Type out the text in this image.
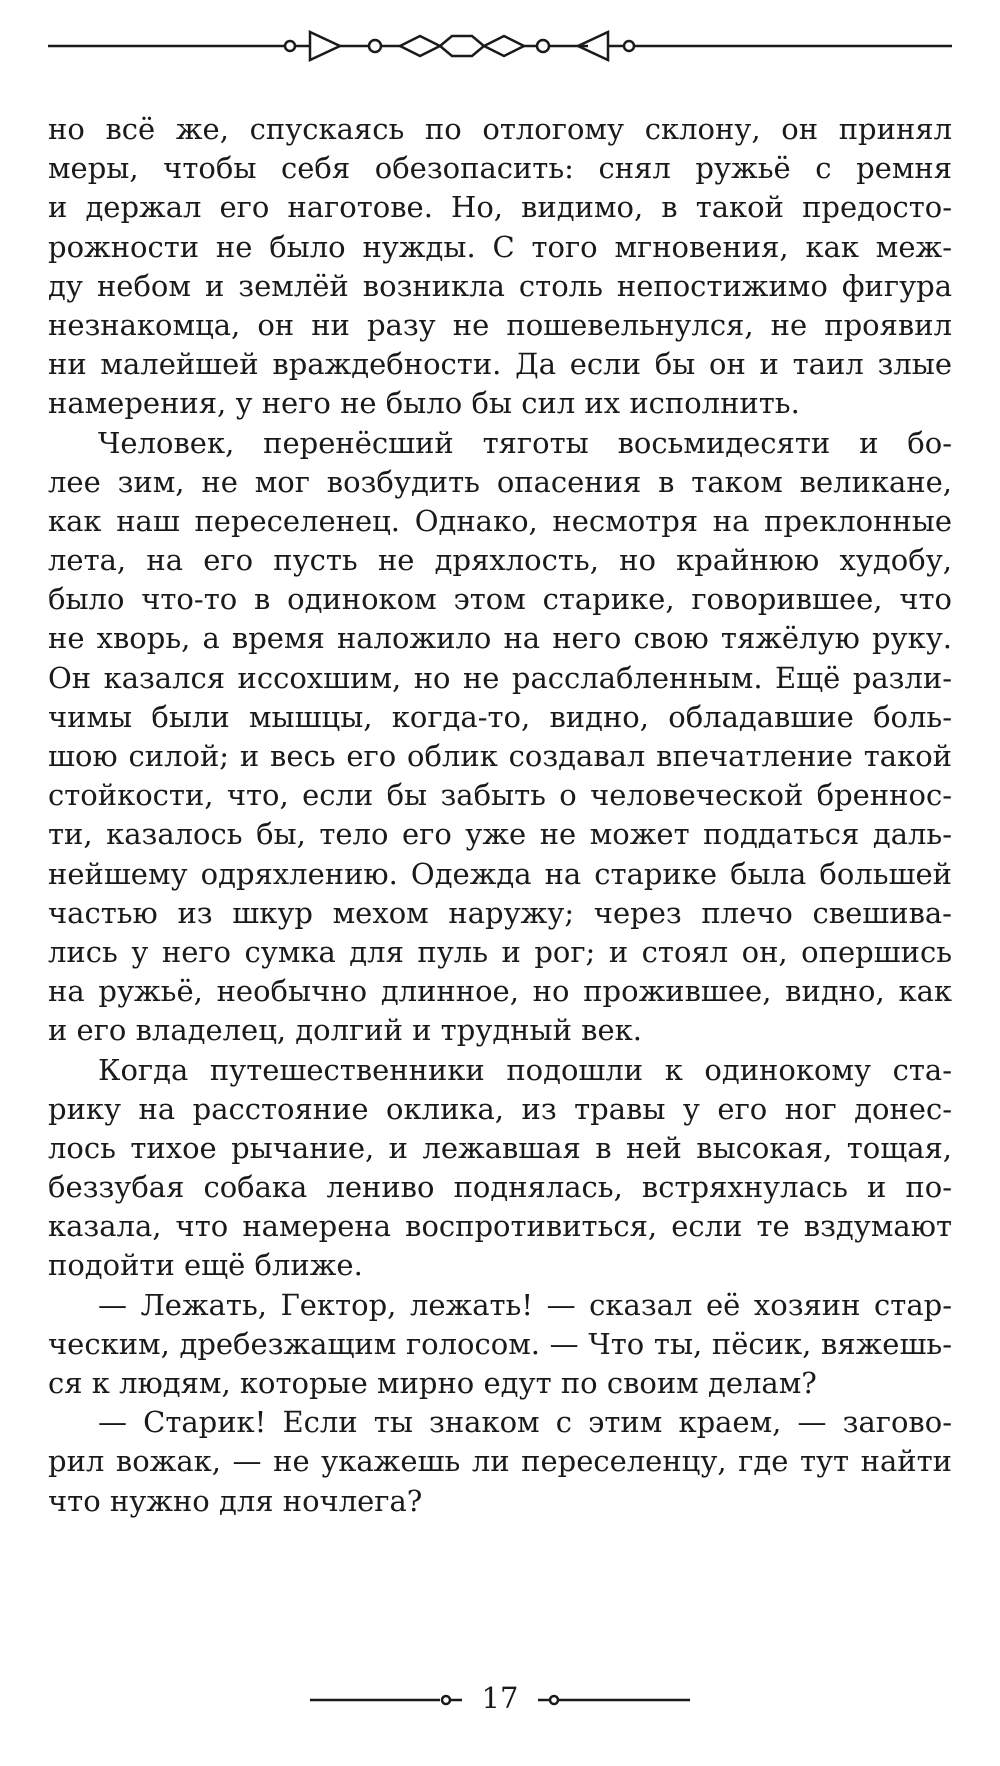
но всё же, спускаясь по отлогому склону, он принял
меры, чтобы себя обезопасить: снял ружьё с ремня
и держал его наготове. Но, видимо, в такой предосто-
рожности не было нужды. С того мгновения, как меж-
ду небом и землёй возникла столь непостижимо фигура
незнакомца, он ни разу не пошевельнулся, не проявил
ни малейшей враждебности. Да если бы он и таил злые
намерения, у него не было бы сил их исполнить.
Человек, перенёсший тяготы восьмидесяти и бо-
лее зим, не мог возбудить опасения в таком великане,
как наш переселенец. Однако, несмотря на преклонные
лета, на его пусть не дряхлость, но крайнюю худобу,
было что-то в одиноком этом старике, говорившее, что
не хворь, а время наложило на него свою тяжёлую руку.
Он казался иссохшим, но не расслабленным. Ещё разли-
чимы были мышцы, когда-то, видно, обладавшие боль-
шою силой; и весь его облик создавал впечатление такой
стойкости, что, если бы забыть о человеческой бреннос-
ти, казалось бы, тело его уже не может поддаться даль-
нейшему одряхлению. Одежда на старике была большей
частью из шкур мехом наружу; через плечо свешива-
лись у него сумка для пуль и рог; и стоял он, опершись
на ружьё, необычно длинное, но прожившее, видно, как
и его владелец, долгий и трудный век.
Когда путешественники подошли к одинокому ста-
рику на расстояние оклика, из травы у его ног донес-
лось тихое рычание, и лежавшая в ней высокая, тощая,
беззубая собака лениво поднялась, встряхнулась и по-
казала, что намерена воспротивиться, если те вздумают
подойти ещё ближе.
— Лежать, Гектор, лежать! — сказал её хозяин стар-
ческим, дребезжащим голосом. — Что ты, пёсик, вяжешь-
ся к людям, которые мирно едут по своим делам?
— Старик! Если ты знаком с этим краем, — загово-
рил вожак, — не укажешь ли переселенцу, где тут найти
что нужно для ночлега?
17
